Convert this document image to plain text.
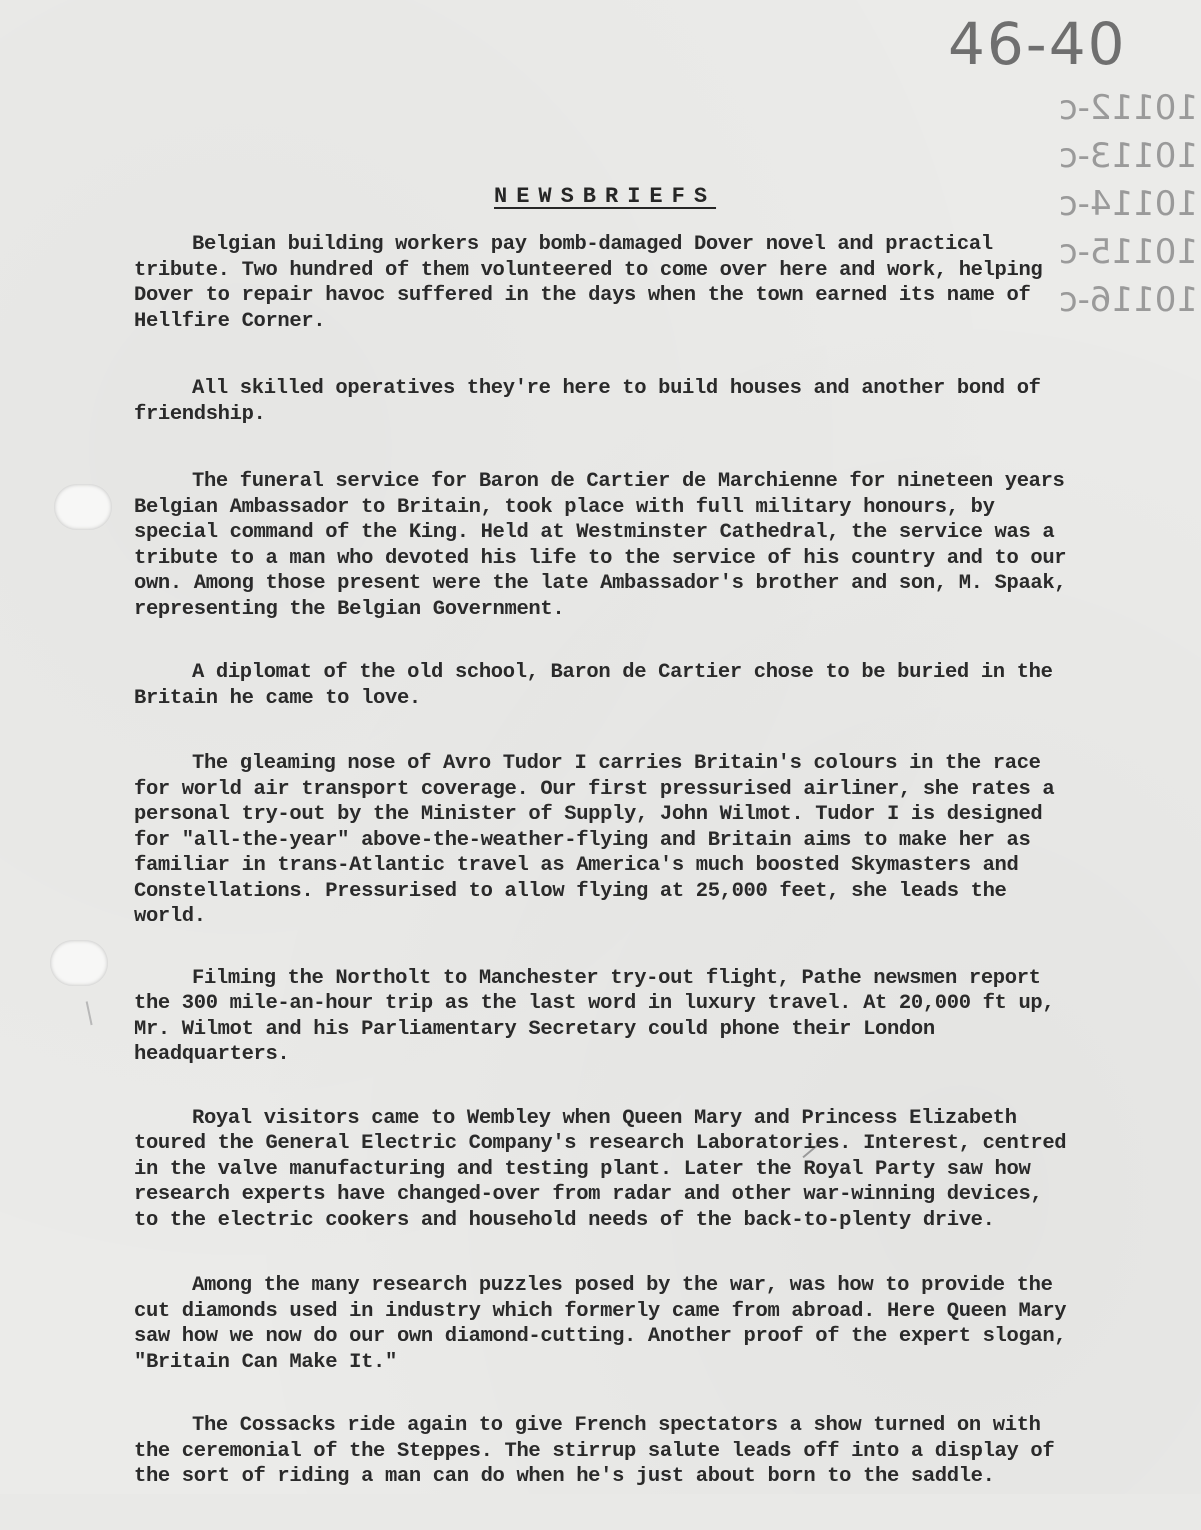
46-40
10112-c
10113-c
10114-c
10115-c
10116-c
NEWSBRIEFS

Belgian building workers pay bomb-damaged Dover novel and practical tribute. Two hundred of them volunteered to come over here and work, helping Dover to repair havoc suffered in the days when the town earned its name of Hellfire Corner.

All skilled operatives they're here to build houses and another bond of friendship.

The funeral service for Baron de Cartier de Marchienne for nineteen years Belgian Ambassador to Britain, took place with full military honours, by special command of the King. Held at Westminster Cathedral, the service was a tribute to a man who devoted his life to the service of his country and to our own. Among those present were the late Ambassador's brother and son, M. Spaak, representing the Belgian Government.

A diplomat of the old school, Baron de Cartier chose to be buried in the Britain he came to love.

The gleaming nose of Avro Tudor I carries Britain's colours in the race for world air transport coverage. Our first pressurised airliner, she rates a personal try-out by the Minister of Supply, John Wilmot. Tudor I is designed for "all-the-year" above-the-weather-flying and Britain aims to make her as familiar in trans-Atlantic travel as America's much boosted Skymasters and Constellations. Pressurised to allow flying at 25,000 feet, she leads the world.

Filming the Northolt to Manchester try-out flight, Pathe newsmen report the 300 mile-an-hour trip as the last word in luxury travel. At 20,000 ft up, Mr. Wilmot and his Parliamentary Secretary could phone their London headquarters.

Royal visitors came to Wembley when Queen Mary and Princess Elizabeth toured the General Electric Company's research Laboratories. Interest, centred in the valve manufacturing and testing plant. Later the Royal Party saw how research experts have changed-over from radar and other war-winning devices, to the electric cookers and household needs of the back-to-plenty drive.

Among the many research puzzles posed by the war, was how to provide the cut diamonds used in industry which formerly came from abroad. Here Queen Mary saw how we now do our own diamond-cutting. Another proof of the expert slogan, "Britain Can Make It."

The Cossacks ride again to give French spectators a show turned on with the ceremonial of the Steppes. The stirrup salute leads off into a display of the sort of riding a man can do when he's just about born to the saddle.
